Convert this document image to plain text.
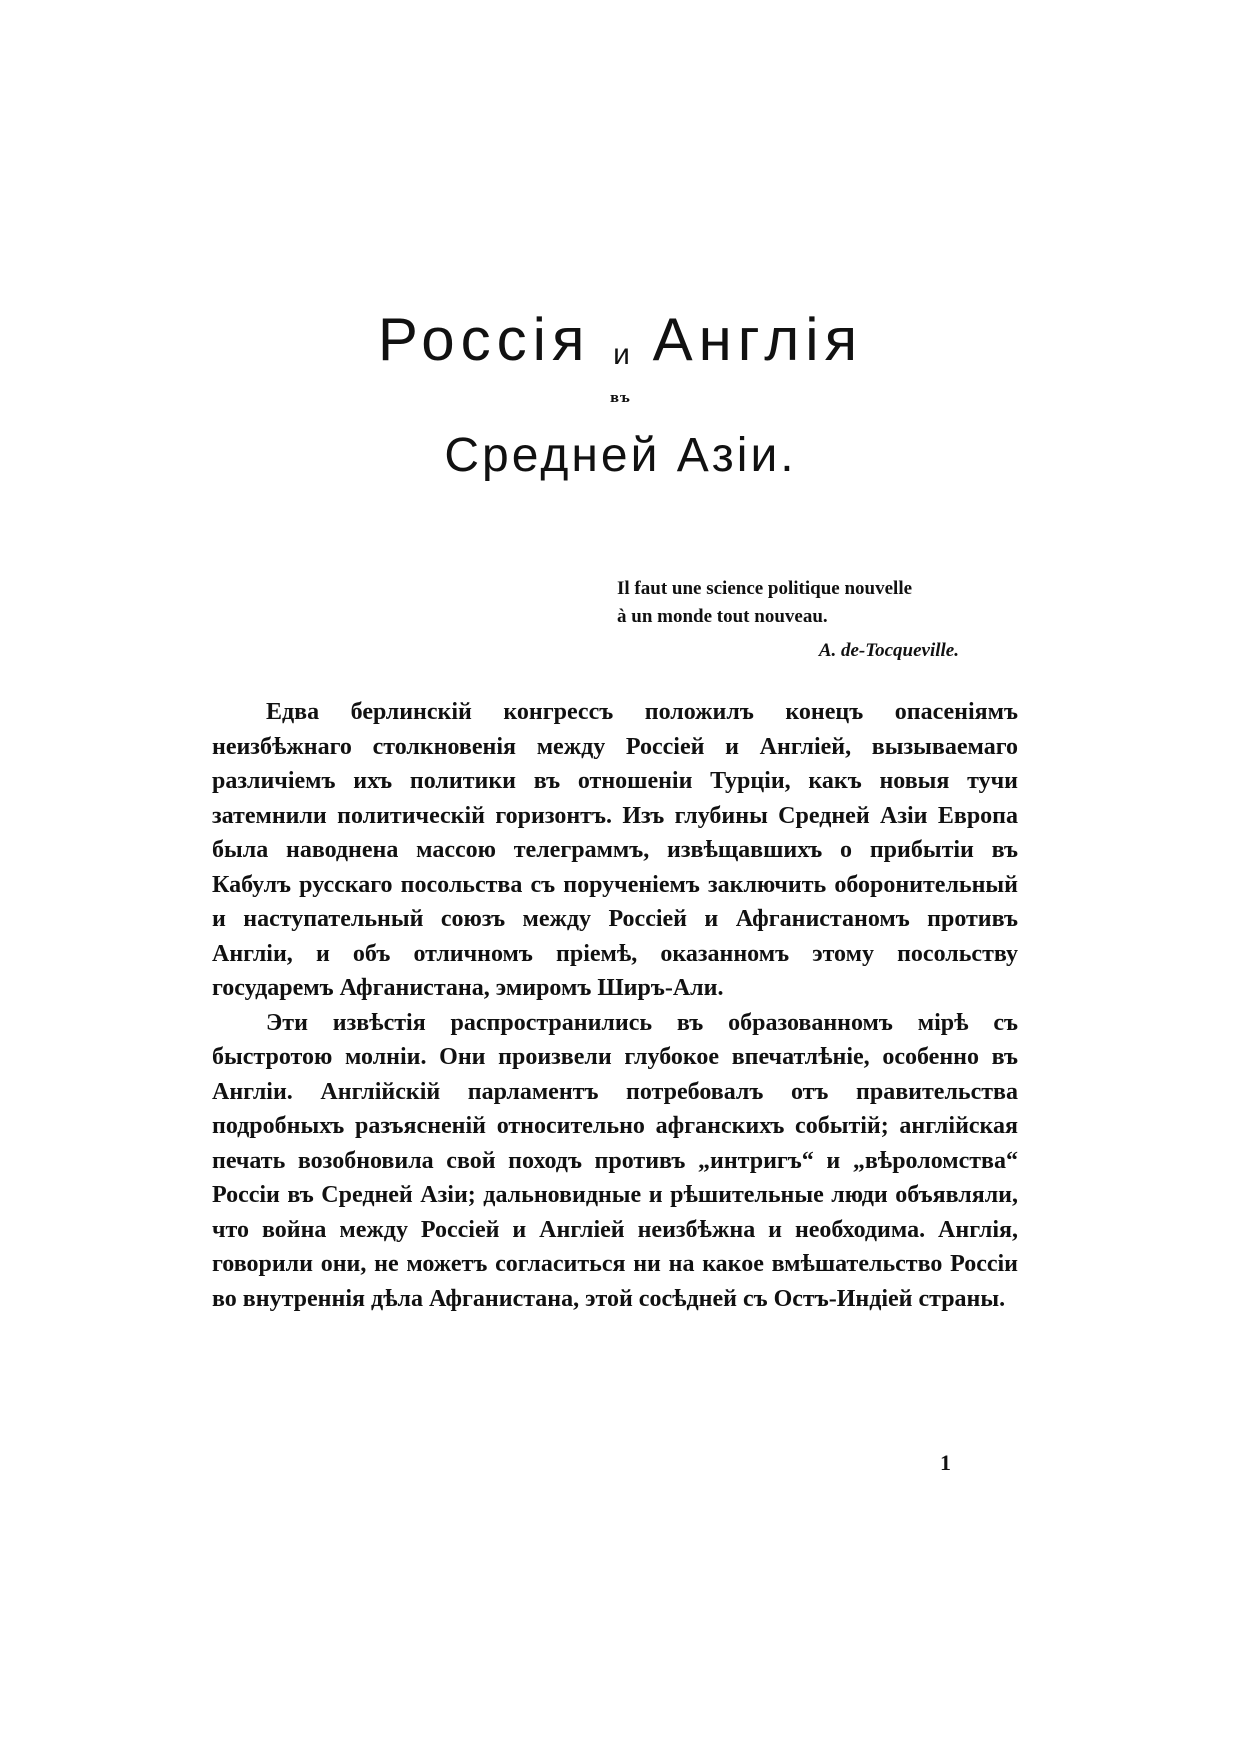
Россія и Англія
въ
Средней Азіи.
Il faut une science politique nouvelle
à un monde tout nouveau.
A. de-Tocqueville.

Едва берлинскій конгрессъ положилъ конецъ опасеніямъ неизбѣжнаго столкновенія между Россіей и Англіей, вызываемаго различіемъ ихъ политики въ отношеніи Турціи, какъ новыя тучи затемнили политическій горизонтъ. Изъ глубины Средней Азіи Европа была наводнена массою телеграммъ, извѣщавшихъ о прибытіи въ Кабулъ русскаго посольства съ порученіемъ заключить оборонительный и наступательный союзъ между Россіей и Афганистаномъ противъ Англіи, и объ отличномъ пріемѣ, оказанномъ этому посольству государемъ Афганистана, эмиромъ Ширъ-Али.

Эти извѣстія распространились въ образованномъ мірѣ съ быстротою молніи. Они произвели глубокое впечатлѣніе, особенно въ Англіи. Англійскій парламентъ потребовалъ отъ правительства подробныхъ разъясненій относительно афганскихъ событій; англійская печать возобновила свой походъ противъ „интригъ“ и „вѣроломства“ Россіи въ Средней Азіи; дальновидные и рѣшительные люди объявляли, что война между Россіей и Англіей неизбѣжна и необходима. Англія, говорили они, не можетъ согласиться ни на какое вмѣшательство Россіи во внутреннія дѣла Афганистана, этой сосѣдней съ Остъ-Индіей страны.

1
